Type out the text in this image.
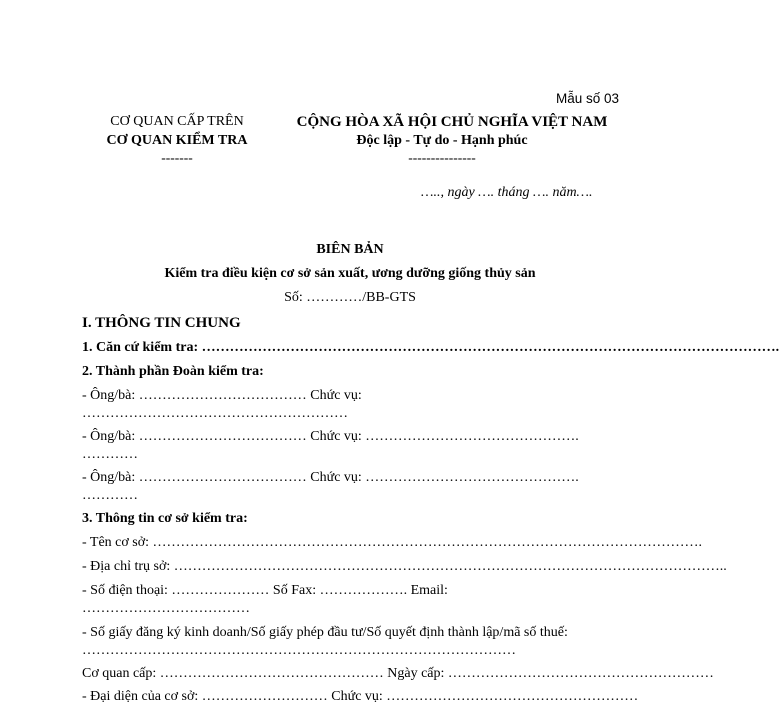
Mẫu số 03
CƠ QUAN CẤP TRÊN
CƠ QUAN KIỂM TRA
-------
CỘNG HÒA XÃ HỘI CHỦ NGHĨA VIỆT NAM
Độc lập - Tự do - Hạnh phúc
---------------
….., ngày …. tháng …. năm….
BIÊN BẢN
Kiểm tra điều kiện cơ sở sản xuất, ương dưỡng giống thủy sản
Số: …………/BB-GTS
I. THÔNG TIN CHUNG
1. Căn cứ kiểm tra: …………………………………………………………………………………………………………….
2. Thành phần Đoàn kiểm tra:
- Ông/bà: ……………………………… Chức vụ:
…………………………………………………
- Ông/bà: ……………………………… Chức vụ: ……………………………………….
…………
- Ông/bà: ……………………………… Chức vụ: ……………………………………….
…………
3. Thông tin cơ sở kiểm tra:
- Tên cơ sở: ……………………………………………………………………………………………………….
- Địa chỉ trụ sở: ………………………………………………………………………………………………………..
- Số điện thoại: ………………… Số Fax: ………………. Email:
………………………………
- Số giấy đăng ký kinh doanh/Số giấy phép đầu tư/Số quyết định thành lập/mã số thuế:
…………………………………………………………………………………
Cơ quan cấp: ………………………………………… Ngày cấp: …………………………………………………
- Đại diện của cơ sở: ……………………… Chức vụ: ………………………………………………
